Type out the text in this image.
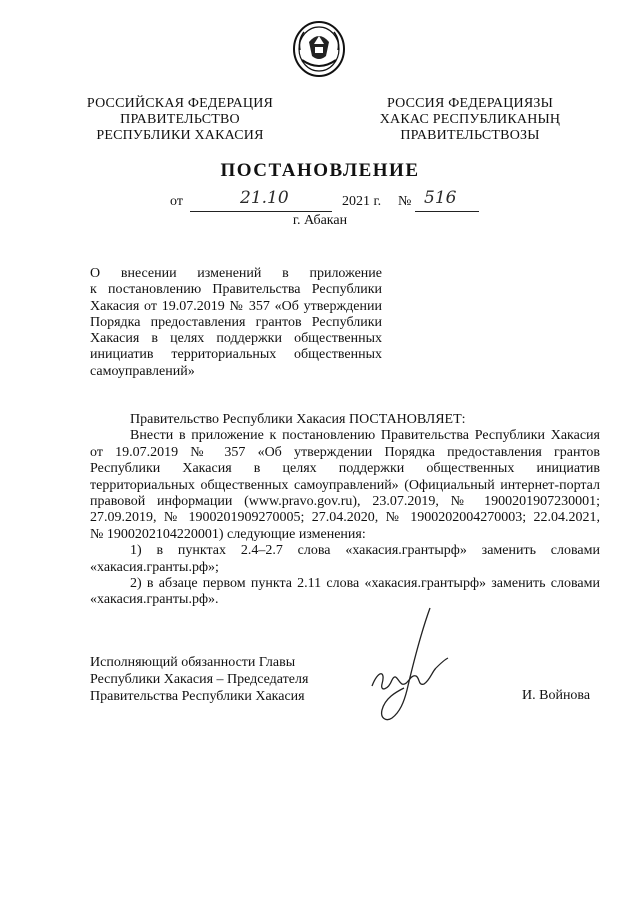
РОССИЙСКАЯ ФЕДЕРАЦИЯ
ПРАВИТЕЛЬСТВО
РЕСПУБЛИКИ ХАКАСИЯ
РОССИЯ ФЕДЕРАЦИЯЗЫ
ХАКАС РЕСПУБЛИКАНЫҢ
ПРАВИТЕЛЬСТВОЗЫ
ПОСТАНОВЛЕНИЕ
от	21.10	2021 г. № 516
г. Абакан
О внесении изменений в приложение
к постановлению Правительства Республики
Хакасия от 19.07.2019 № 357 «Об утверждении
Порядка предоставления грантов Республики
Хакасия в целях поддержки общественных
инициатив территориальных общественных
самоуправлений»
Правительство Республики Хакасия ПОСТАНОВЛЯЕТ:
Внести в приложение к постановлению Правительства Республики Хакасия
от 19.07.2019 № 357 «Об утверждении Порядка предоставления грантов
Республики Хакасия в целях поддержки общественных инициатив
территориальных общественных самоуправлений» (Официальный интернет-портал
правовой информации (www.pravo.gov.ru), 23.07.2019, № 1900201907230001;
27.09.2019, № 1900201909270005; 27.04.2020, № 1900202004270003; 22.04.2021,
№ 1900202104220001) следующие изменения:
1) в пунктах 2.4–2.7 слова «хакасия.грантырф» заменить словами
«хакасия.гранты.рф»;
2) в абзаце первом пункта 2.11 слова «хакасия.грантырф» заменить словами
«хакасия.гранты.рф».
Исполняющий обязанности Главы
Республики Хакасия – Председателя
Правительства Республики Хакасия	И. Войнова
